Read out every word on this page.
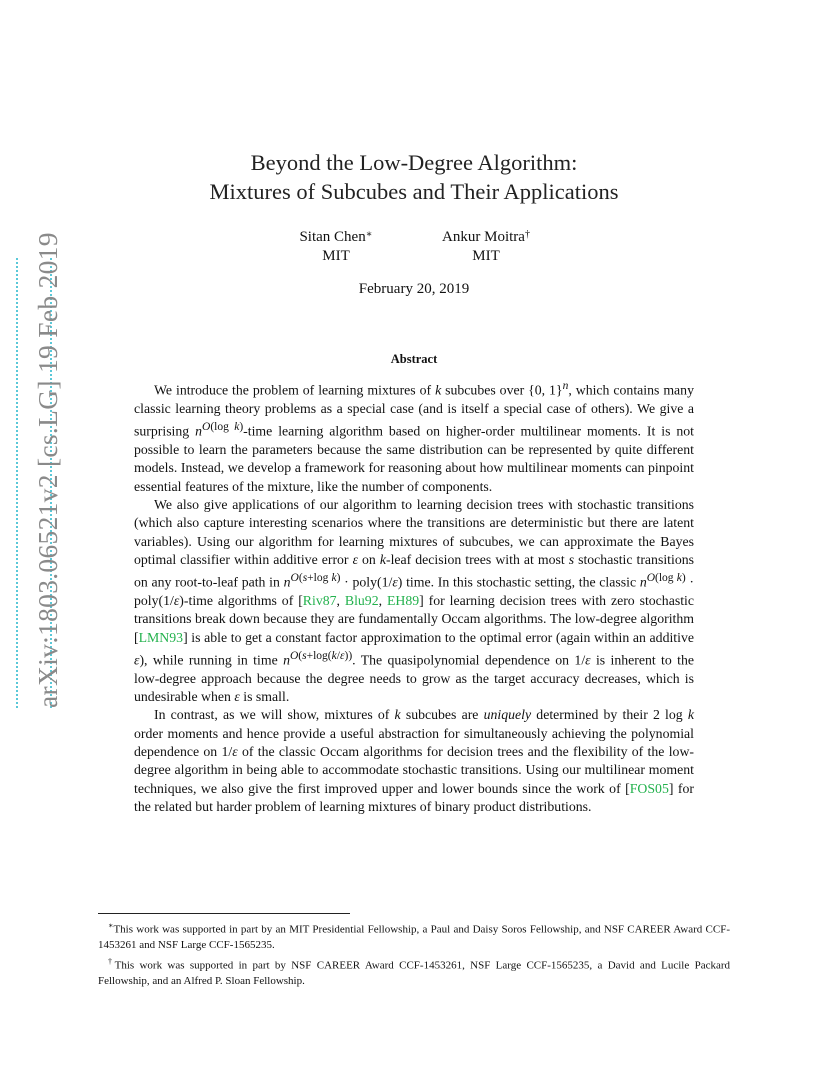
arXiv:1803.06521v2 [cs.LG] 19 Feb 2019
Beyond the Low-Degree Algorithm:
Mixtures of Subcubes and Their Applications
Sitan Chen∗
MIT
Ankur Moitra†
MIT
February 20, 2019
Abstract

We introduce the problem of learning mixtures of k subcubes over {0, 1}$^n$, which contains many classic learning theory problems as a special case (and is itself a special case of others). We give a surprising $n^{O(log k)}$-time learning algorithm based on higher-order multilinear moments. It is not possible to learn the parameters because the same distribution can be represented by quite different models. Instead, we develop a framework for reasoning about how multilinear moments can pinpoint essential features of the mixture, like the number of components.

We also give applications of our algorithm to learning decision trees with stochastic transitions (which also capture interesting scenarios where the transitions are deterministic but there are latent variables). Using our algorithm for learning mixtures of subcubes, we can approximate the Bayes optimal classifier within additive error ε on k-leaf decision trees with at most s stochastic transitions on any root-to-leaf path in $n^{O(s+log k)}$ · poly(1/ε) time. In this stochastic setting, the classic $n^{O(log k)}$ · poly(1/ε)-time algorithms of [Riv87, Blu92, EH89] for learning decision trees with zero stochastic transitions break down because they are fundamentally Occam algorithms. The low-degree algorithm [LMN93] is able to get a constant factor approximation to the optimal error (again within an additive ε), while running in time $n^{O(s+log(k/\varepsilon))}$. The quasipolynomial dependence on 1/ε is inherent to the low-degree approach because the degree needs to grow as the target accuracy decreases, which is undesirable when ε is small.

In contrast, as we will show, mixtures of k subcubes are uniquely determined by their 2 log k order moments and hence provide a useful abstraction for simultaneously achieving the polynomial dependence on 1/ε of the classic Occam algorithms for decision trees and the flexibility of the low-degree algorithm in being able to accommodate stochastic transitions. Using our multilinear moment techniques, we also give the first improved upper and lower bounds since the work of [FOS05] for the related but harder problem of learning mixtures of binary product distributions.

∗This work was supported in part by an MIT Presidential Fellowship, a Paul and Daisy Soros Fellowship, and NSF CAREER Award CCF-1453261 and NSF Large CCF-1565235.

†This work was supported in part by NSF CAREER Award CCF-1453261, NSF Large CCF-1565235, a David and Lucile Packard Fellowship, and an Alfred P. Sloan Fellowship.
